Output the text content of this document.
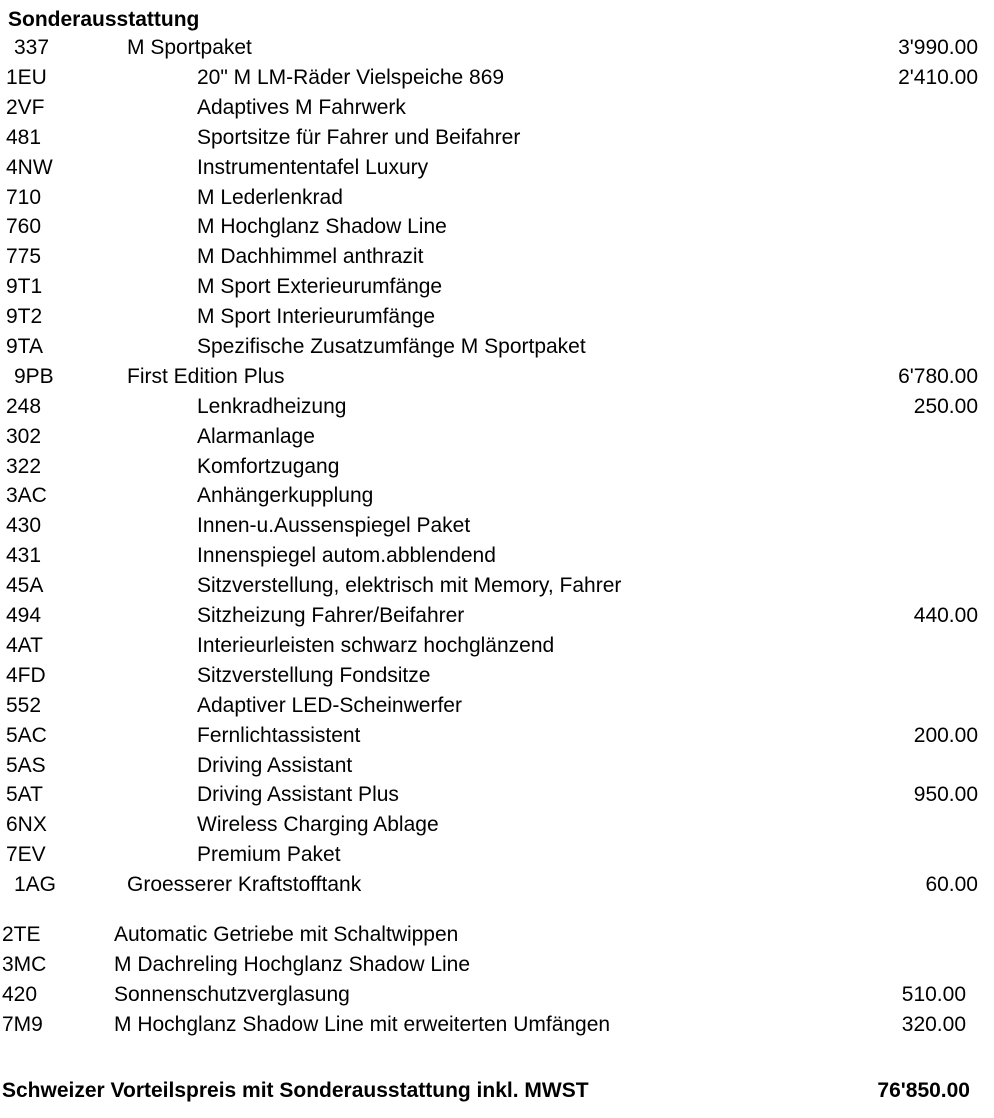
Sonderausstattung
337	M Sportpaket	3'990.00
1EU	20" M LM-Räder Vielspeiche 869	2'410.00
2VF	Adaptives M Fahrwerk
481	Sportsitze für Fahrer und Beifahrer
4NW	Instrumententafel Luxury
710	M Lederlenkrad
760	M Hochglanz Shadow Line
775	M Dachhimmel anthrazit
9T1	M Sport Exterieurumfänge
9T2	M Sport Interieurumfänge
9TA	Spezifische Zusatzumfänge M Sportpaket
9PB	First Edition Plus	6'780.00
248	Lenkradheizung	250.00
302	Alarmanlage
322	Komfortzugang
3AC	Anhängerkupplung
430	Innen-u.Aussenspiegel Paket
431	Innenspiegel autom.abblendend
45A	Sitzverstellung, elektrisch mit Memory, Fahrer
494	Sitzheizung Fahrer/Beifahrer	440.00
4AT	Interieurleisten schwarz hochglänzend
4FD	Sitzverstellung Fondsitze
552	Adaptiver LED-Scheinwerfer
5AC	Fernlichtassistent	200.00
5AS	Driving Assistant
5AT	Driving Assistant Plus	950.00
6NX	Wireless Charging Ablage
7EV	Premium Paket
1AG	Groesserer Kraftstofftank	60.00
2TE	Automatic Getriebe mit Schaltwippen
3MC	M Dachreling Hochglanz Shadow Line
420	Sonnenschutzverglasung	510.00
7M9	M Hochglanz Shadow Line mit erweiterten Umfängen	320.00
Schweizer Vorteilspreis mit Sonderausstattung inkl. MWST	76'850.00
